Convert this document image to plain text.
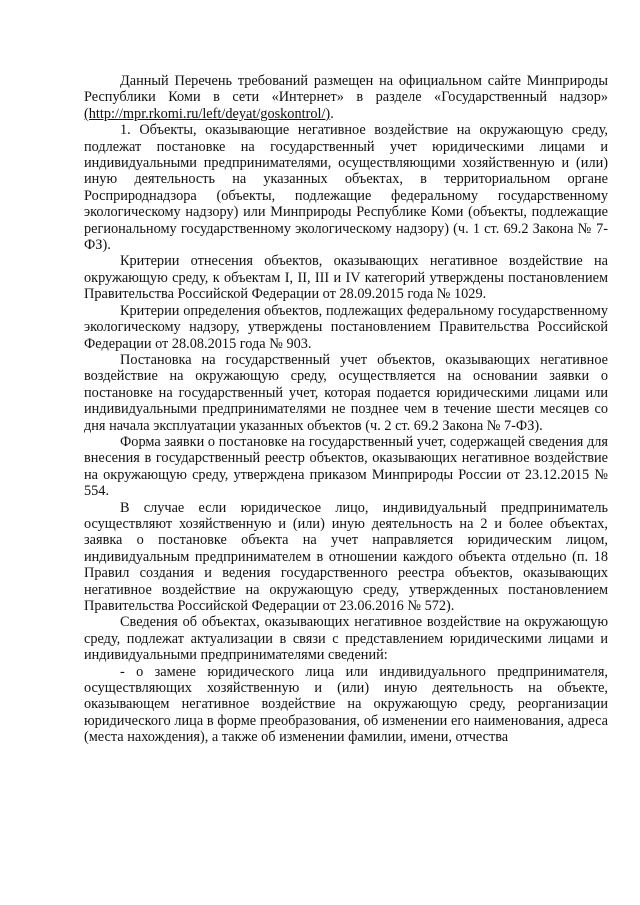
Данный Перечень требований размещен на официальном сайте Минприроды Республики Коми в сети «Интернет» в разделе «Государственный надзор» (http://mpr.rkomi.ru/left/deyat/goskontrol/).

1. Объекты, оказывающие негативное воздействие на окружающую среду, подлежат постановке на государственный учет юридическими лицами и индивидуальными предпринимателями, осуществляющими хозяйственную и (или) иную деятельность на указанных объектах, в территориальном органе Росприроднадзора (объекты, подлежащие федеральному государственному экологическому надзору) или Минприроды Республике Коми (объекты, подлежащие региональному государственному экологическому надзору) (ч. 1 ст. 69.2 Закона № 7-ФЗ).

Критерии отнесения объектов, оказывающих негативное воздействие на окружающую среду, к объектам I, II, III и IV категорий утверждены постановлением Правительства Российской Федерации от 28.09.2015 года № 1029.

Критерии определения объектов, подлежащих федеральному государственному экологическому надзору, утверждены постановлением Правительства Российской Федерации от 28.08.2015 года № 903.

Постановка на государственный учет объектов, оказывающих негативное воздействие на окружающую среду, осуществляется на основании заявки о постановке на государственный учет, которая подается юридическими лицами или индивидуальными предпринимателями не позднее чем в течение шести месяцев со дня начала эксплуатации указанных объектов (ч. 2 ст. 69.2 Закона № 7-ФЗ).

Форма заявки о постановке на государственный учет, содержащей сведения для внесения в государственный реестр объектов, оказывающих негативное воздействие на окружающую среду, утверждена приказом Минприроды России от 23.12.2015 № 554.

В случае если юридическое лицо, индивидуальный предприниматель осуществляют хозяйственную и (или) иную деятельность на 2 и более объектах, заявка о постановке объекта на учет направляется юридическим лицом, индивидуальным предпринимателем в отношении каждого объекта отдельно (п. 18 Правил создания и ведения государственного реестра объектов, оказывающих негативное воздействие на окружающую среду, утвержденных постановлением Правительства Российской Федерации от 23.06.2016 № 572).

Сведения об объектах, оказывающих негативное воздействие на окружающую среду, подлежат актуализации в связи с представлением юридическими лицами и индивидуальными предпринимателями сведений:

- о замене юридического лица или индивидуального предпринимателя, осуществляющих хозяйственную и (или) иную деятельность на объекте, оказывающем негативное воздействие на окружающую среду, реорганизации юридического лица в форме преобразования, об изменении его наименования, адреса (места нахождения), а также об изменении фамилии, имени, отчества
